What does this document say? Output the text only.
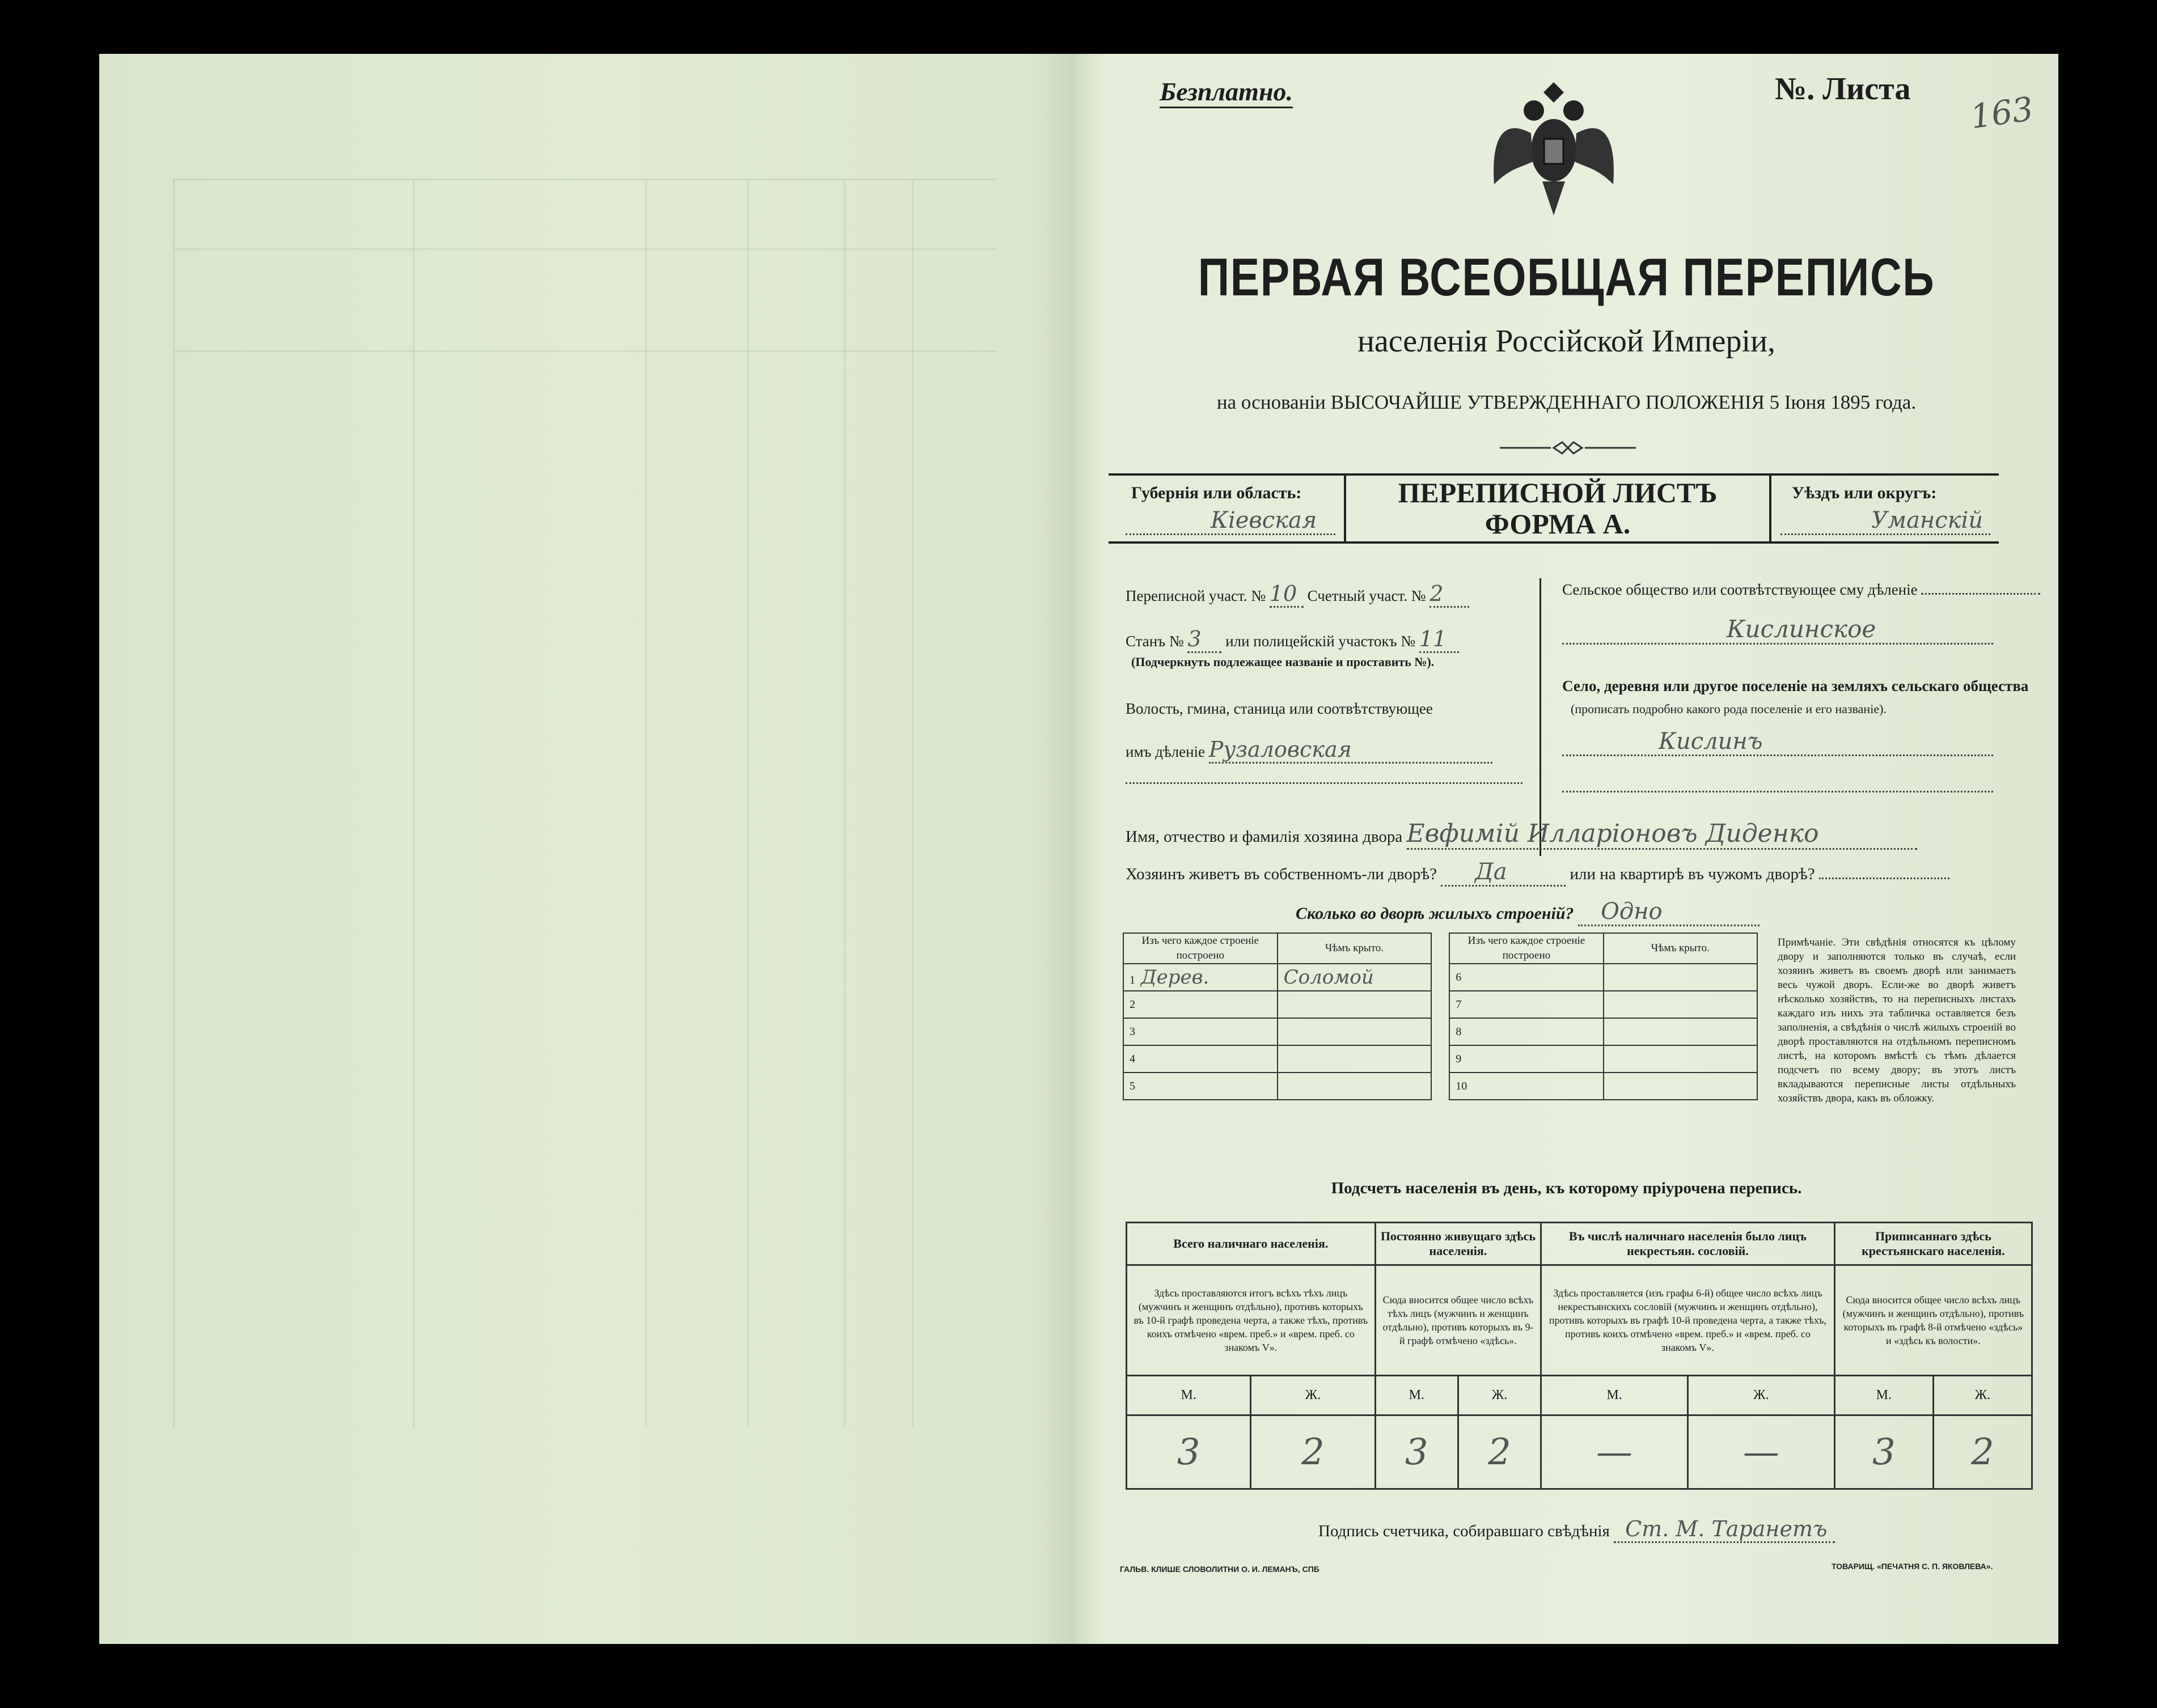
Безплатно.	№. Листа
163
ПЕРВАЯ ВСЕОБЩАЯ ПЕРЕПИСЬ
населенія Россійской Имперіи,
на основаніи ВЫСОЧАЙШЕ УТВЕРЖДЕННАГО ПОЛОЖЕНІЯ 5 Іюня 1895 года.
Губернія или область:
Кіевская
ПЕРЕПИСНОЙ ЛИСТЪ
ФОРМА А.
Уѣздъ или округъ:
Уманскій
Переписной участ. № 10 Счетный участ. № 2
Станъ № 3 или полицейскій участокъ № 11
(Подчеркнуть подлежащее названіе и проставить №).
Волость, гмина, станица или соотвѣтствующее
имъ дѣленіе Рузаловская
Сельское общество или соотвѣтствующее сму дѣленіе
Кислинское
Село, деревня или другое поселеніе на земляхъ сельскаго общества
(прописать подробно какого рода поселеніе и его названіе).
Кислинъ
Имя, отчество и фамилія хозяина двора Евфимій Илларіоновъ Диденко
Хозяинъ живетъ въ собственномъ-ли дворѣ? Да	или на квартирѣ въ чужомъ дворѣ?
Сколько во дворѣ жилыхъ строеній? Одно
Изъ чего каждое строеніе построено	Чѣмъ крыто.		Изъ чего каждое строеніе построено	Чѣмъ крыто.
1 Дерев.	Соломой		6	
2			7	
3			8	
4			9	
5			10	
Примѣчаніе. Эти свѣдѣнія относятся къ цѣлому двору и заполняются только въ случаѣ, если хозяинъ живетъ въ своемъ дворѣ или занимаетъ весь чужой дворъ. Если-же во дворѣ живетъ нѣсколько хозяйствъ, то на переписныхъ листахъ каждаго изъ нихъ эта табличка оставляется безъ заполненія, а свѣдѣнія о числѣ жилыхъ строеній во дворѣ проставляются на отдѣльномъ переписномъ листѣ, на которомъ вмѣстѣ съ тѣмъ дѣлается подсчетъ по всему двору; въ этотъ листъ вкладываются переписные листы отдѣльныхъ хозяйствъ двора, какъ въ обложку.
Подсчетъ населенія въ день, къ которому пріурочена перепись.
Всего наличнаго населенія.		Постоянно живущаго здѣсь населенія.		Въ числѣ наличнаго населенія было лицъ некрестьян. сословій.		Приписаннаго здѣсь крестьянскаго населенія.	
Здѣсь проставляются итогъ всѣхъ тѣхъ лицъ (мужчинъ и женщинъ отдѣльно), противъ которыхъ въ 10-й графѣ проведена черта, а также тѣхъ, противъ коихъ отмѣчено «врем. преб.» и «врем. преб. со знакомъ V».		Сюда вносится общее число всѣхъ тѣхъ лицъ (мужчинъ и женщинъ отдѣльно), противъ которыхъ въ 9-й графѣ отмѣчено «здѣсь».		Здѣсь проставляется (изъ графы 6-й) общее число всѣхъ лицъ некрестьянскихъ сословій (мужчинъ и женщинъ отдѣльно), противъ которыхъ въ графѣ 10-й проведена черта, а также тѣхъ, противъ коихъ отмѣчено «врем. преб.» и «врем. преб. со знакомъ V».		Сюда вносится общее число всѣхъ лицъ (мужчинъ и женщинъ отдѣльно), противъ которыхъ въ графѣ 8-й отмѣчено «здѣсь» и «здѣсь къ волости».	
М.	Ж.	М.	Ж.	М.	Ж.	М.	Ж.
3	2	3	2	—	—	3	2
Подпись счетчика, собиравшаго свѣдѣнія Ст. М. Таранетъ
ГАЛЬВ. КЛИШЕ СЛОВОЛИТНИ О. И. ЛЕМАНЪ, СПБ	ТОВАРИЩ. «ПЕЧАТНЯ С. П. ЯКОВЛЕВА».
